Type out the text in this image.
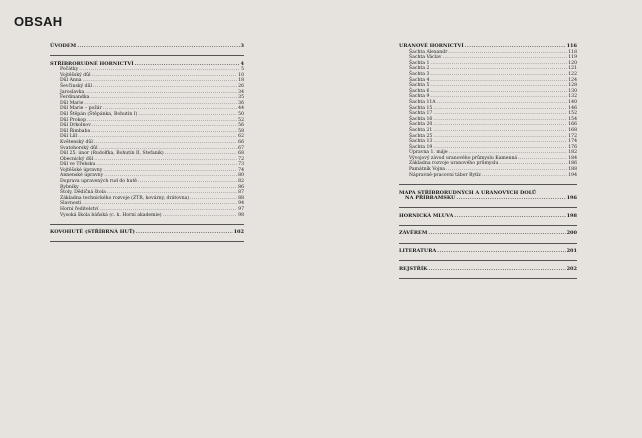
OBSAH
ÚVODEM .....	3
STŘÍBRORUDNÉ HORNICTVÍ .....	4
Počátky .....	5
Vojtěšský důl .....	10
Důl Anna .....	18
Ševčinský důl .....	26
Jaroslavka .....	34
Ferdinandka .....	35
Důl Marie .....	36
Důl Marie – požár .....	44
Důl Štěpán (Štěpánka, Bohutín I) .....	50
Důl Prokop .....	52
Důl Drkolnov .....	56
Důl Řimbaba .....	58
Důl Lill .....	62
Květenský důl .....	66
Svatohorský důl .....	67
Důl 25. únor (Rudolfka, Bohutín II, Stefanik) .....	68
Obecnický důl .....	72
Důl ve Třebsku .....	73
Vojtěšské úpravny .....	74
Annenské úpravny .....	80
Doprava upravených rud do hutě .....	82
Rybníky .....	86
Štoly, Dědičná štola .....	87
Základna technického rozvoje (ZTR, kovárny, drátovna) .....	88
Slavnosti .....	94
Horní ředitelství .....	97
Vysoká škola báňská (c. k. Horní akademie) .....	98
KOVOHUTĚ (STŘÍBRNÁ HUŤ) .....	102
URANOVÉ HORNICTVÍ .....	116
Šachta Alexandr .....	118
Šachta Václav .....	119
Šachta 1 .....	120
Šachta 2 .....	121
Šachta 3 .....	122
Šachta 4 .....	124
Šachta 5 .....	128
Šachta 6 .....	130
Šachta 9 .....	132
Šachta 11A .....	140
Šachta 15 .....	146
Šachta 17 .....	152
Šachta 16 .....	154
Šachta 20 .....	166
Šachta 21 .....	168
Šachta 25 .....	172
Šachta 13 .....	174
Šachta 19 .....	176
Úpravna 1. máje .....	182
Vývojový závod uranového průmyslu Kamenná .....	184
Základna rozvoje uranového průmyslu .....	186
Památník Vojna .....	188
Nápravně-pracovní tábor Bytíz .....	194
MAPA STŘÍBRORUDNÝCH A URANOVÝCH DOLŮ
NA PŘÍBRAMSKU .....	196
HORNICKÁ MLUVA .....	198
ZÁVĚREM .....	200
LITERATURA .....	201
REJSTŘÍK .....	202
